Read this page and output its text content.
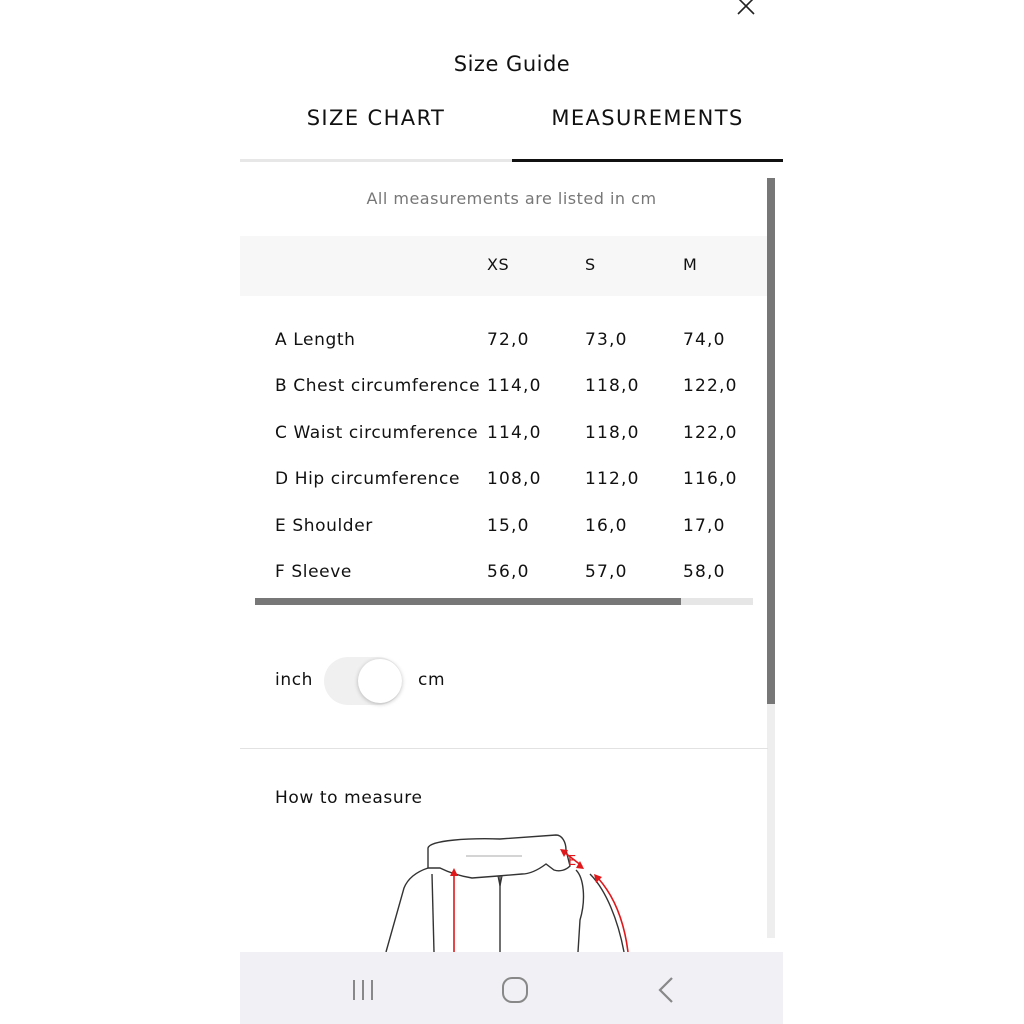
Size Guide
SIZE CHART	MEASUREMENTS
All measurements are listed in cm
XS	S	M
A Length	72,0	73,0	74,0
B Chest circumference 114,0	118,0	122,0
C Waist circumference 114,0	118,0	122,0
D Hip circumference 108,0	112,0	116,0
E Shoulder	15,0	16,0	17,0
F Sleeve	56,0	57,0	58,0
inch	cm
How to measure
E
